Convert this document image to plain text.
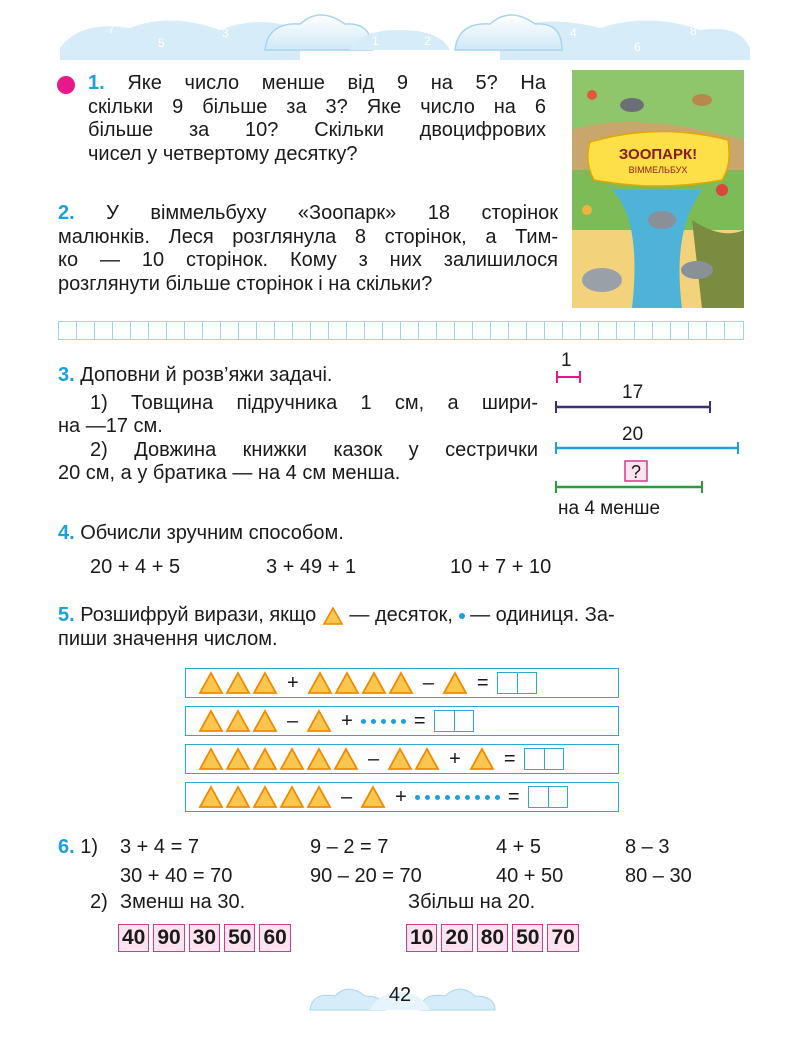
7
5
3
1
0
2
4
6
8
1. Яке число менше від 9 на 5? На
скільки 9 більше за 3? Яке число на 6
більше за 10? Скільки двоцифрових
чисел у четвертому десятку?	ЗООПАРК!
ВІММЕЛЬБУХ
2. У віммельбуху «Зоопарк» 18 сторінок
малюнків. Леся розглянула 8 сторінок, а Тим-
ко — 10 сторінок. Кому з них залишилося
розглянути більше сторінок і на скільки?
3. Доповни й розв’яжи задачі.
1) Товщина підручника 1 см, а шири-
на —17 см.
2) Довжина книжки казок у сестрички
20 см, а у братика — на 4 см менша.
1
17
20
?
на 4 менше
4. Обчисли зручним способом.
20 + 4 + 5	3 + 49 + 1	10 + 7 + 10
5.
Розшифруй вирази, якщо

— десяток,

— одиниця. За-
пиши значення числом.
+	– =
– +	=
–	+ =
– +	=
6. 1) 3 + 4 = 7	9 – 2 = 7	4 + 5	8 – 3
30 + 40 = 70	90 – 20 = 70	40 + 50	80 – 30
2) Зменш на 30.	Збільш на 20.
40 90 30 50 60	10 20 80 50 70
42
